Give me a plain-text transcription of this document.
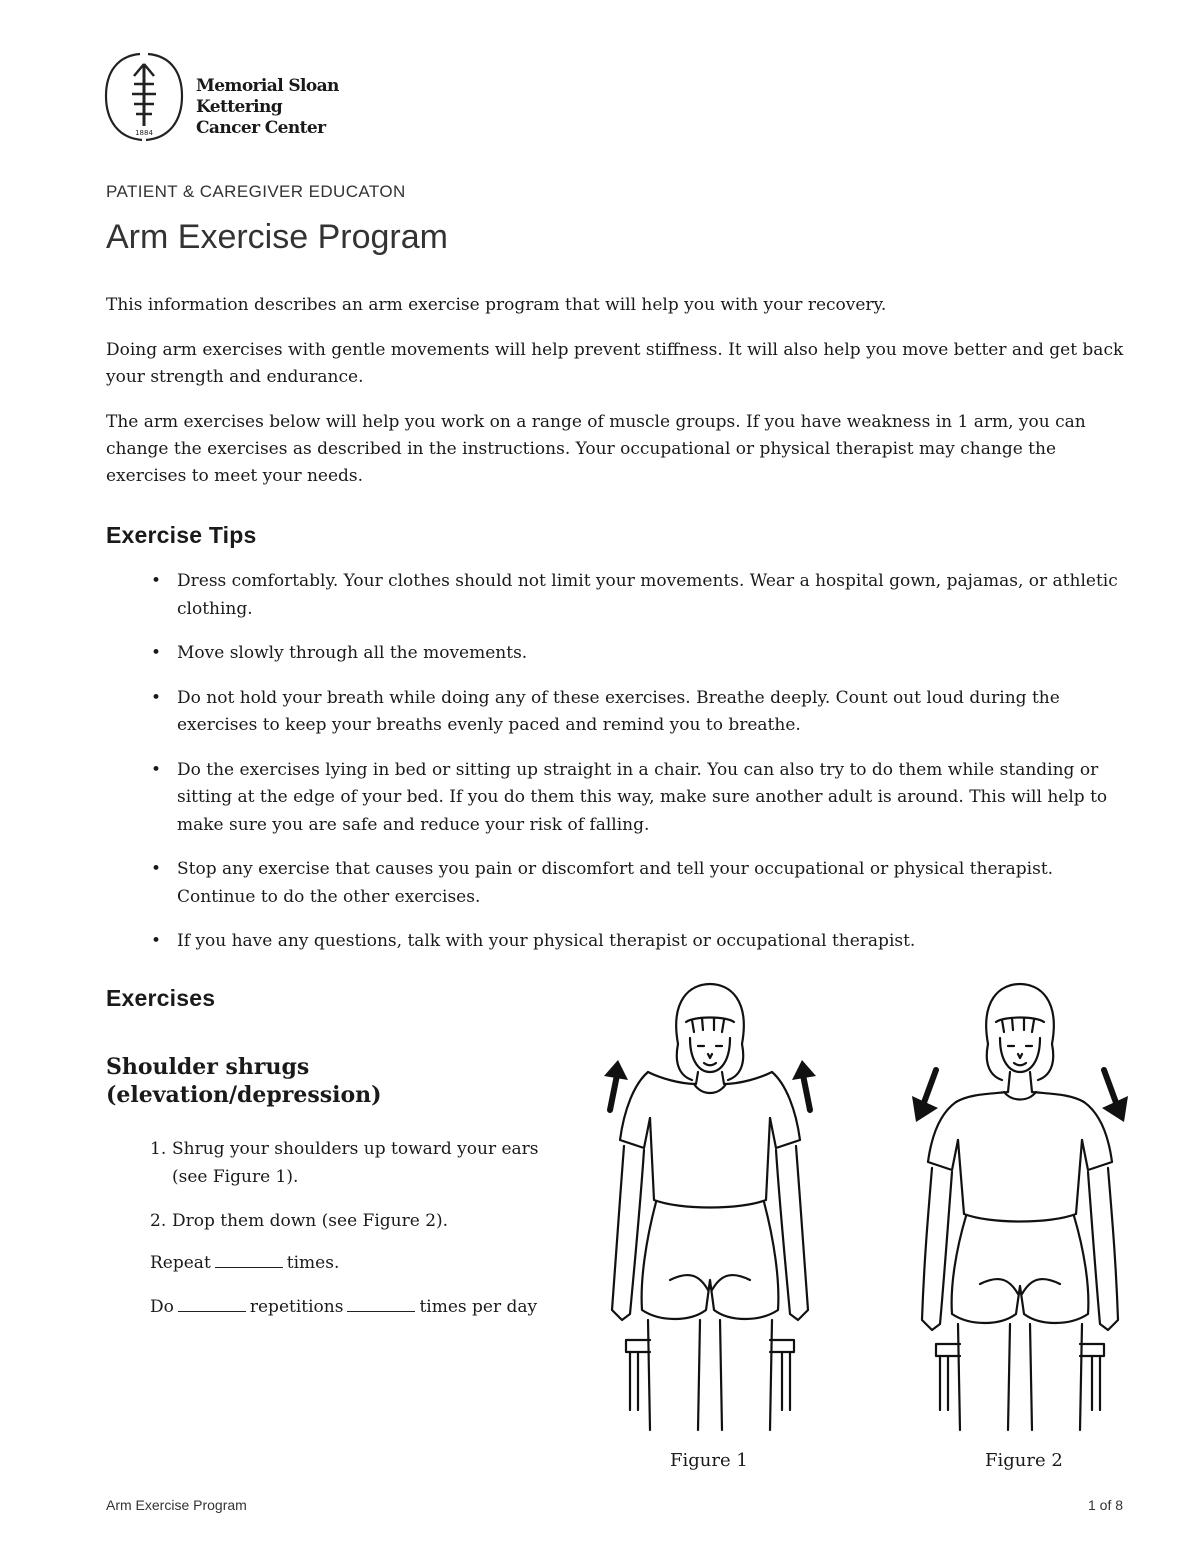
1884
Memorial Sloan Kettering
Cancer Center
PATIENT & CAREGIVER EDUCATON
Arm Exercise Program

This information describes an arm exercise program that will help you with your recovery.

Doing arm exercises with gentle movements will help prevent stiffness. It will also help you move better and get back your strength and endurance.

The arm exercises below will help you work on a range of muscle groups. If you have weakness in 1 arm, you can change the exercises as described in the instructions. Your occupational or physical therapist may change the exercises to meet your needs.

Exercise Tips
• Dress comfortably. Your clothes should not limit your movements. Wear a hospital gown, pajamas, or athletic clothing.
• Move slowly through all the movements.
• Do not hold your breath while doing any of these exercises. Breathe deeply. Count out loud during the exercises to keep your breaths evenly paced and remind you to breathe.
• Do the exercises lying in bed or sitting up straight in a chair. You can also try to do them while standing or sitting at the edge of your bed. If you do them this way, make sure another adult is around. This will help to make sure you are safe and reduce your risk of falling.
• Stop any exercise that causes you pain or discomfort and tell your occupational or physical therapist. Continue to do the other exercises.
• If you have any questions, talk with your physical therapist or occupational therapist.
Exercises
Shoulder shrugs
(elevation/depression)
1. Shrug your shoulders up toward your ears (see Figure 1).
2. Drop them down (see Figure 2).
Repeat	times.
Do	repetitions	times per day
Figure 1	Figure 2
Arm Exercise Program	1 of 8
